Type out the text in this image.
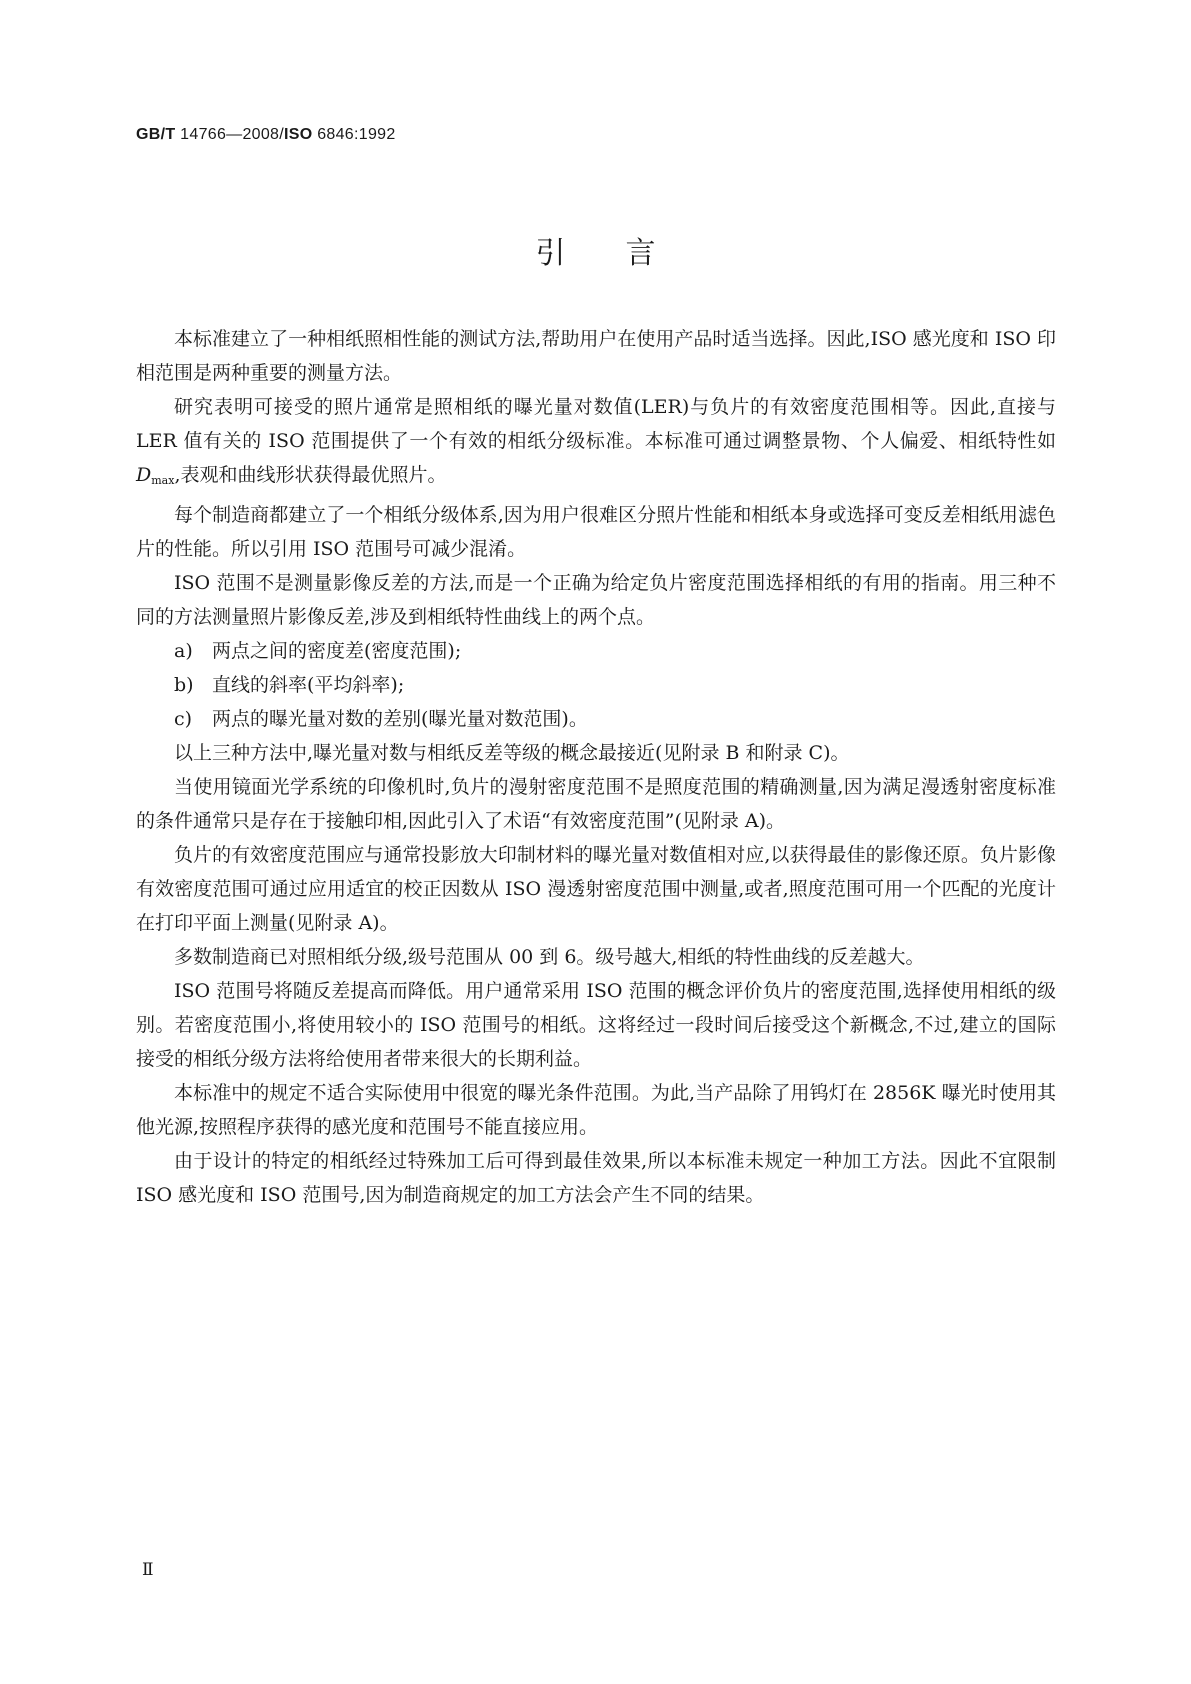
GB/T 14766—2008/ISO 6846:1992
引言

本标准建立了一种相纸照相性能的测试方法,帮助用户在使用产品时适当选择。因此,ISO 感光度和 ISO 印相范围是两种重要的测量方法。

研究表明可接受的照片通常是照相纸的曝光量对数值(LER)与负片的有效密度范围相等。因此,直接与 LER 值有关的 ISO 范围提供了一个有效的相纸分级标准。本标准可通过调整景物、个人偏爱、相纸特性如 $D_{max}$,表观和曲线形状获得最优照片。

每个制造商都建立了一个相纸分级体系,因为用户很难区分照片性能和相纸本身或选择可变反差相纸用滤色片的性能。所以引用 ISO 范围号可减少混淆。

ISO 范围不是测量影像反差的方法,而是一个正确为给定负片密度范围选择相纸的有用的指南。用三种不同的方法测量照片影像反差,涉及到相纸特性曲线上的两个点。

a) 两点之间的密度差(密度范围);

b) 直线的斜率(平均斜率);

c) 两点的曝光量对数的差别(曝光量对数范围)。

以上三种方法中,曝光量对数与相纸反差等级的概念最接近(见附录 B 和附录 C)。

当使用镜面光学系统的印像机时,负片的漫射密度范围不是照度范围的精确测量,因为满足漫透射密度标准的条件通常只是存在于接触印相,因此引入了术语“有效密度范围”(见附录 A)。

负片的有效密度范围应与通常投影放大印制材料的曝光量对数值相对应,以获得最佳的影像还原。负片影像有效密度范围可通过应用适宜的校正因数从 ISO 漫透射密度范围中测量,或者,照度范围可用一个匹配的光度计在打印平面上测量(见附录 A)。

多数制造商已对照相纸分级,级号范围从 00 到 6。级号越大,相纸的特性曲线的反差越大。

ISO 范围号将随反差提高而降低。用户通常采用 ISO 范围的概念评价负片的密度范围,选择使用相纸的级别。若密度范围小,将使用较小的 ISO 范围号的相纸。这将经过一段时间后接受这个新概念,不过,建立的国际接受的相纸分级方法将给使用者带来很大的长期利益。

本标准中的规定不适合实际使用中很宽的曝光条件范围。为此,当产品除了用钨灯在 2856K 曝光时使用其他光源,按照程序获得的感光度和范围号不能直接应用。

由于设计的特定的相纸经过特殊加工后可得到最佳效果,所以本标准未规定一种加工方法。因此不宜限制 ISO 感光度和 ISO 范围号,因为制造商规定的加工方法会产生不同的结果。

Ⅱ
